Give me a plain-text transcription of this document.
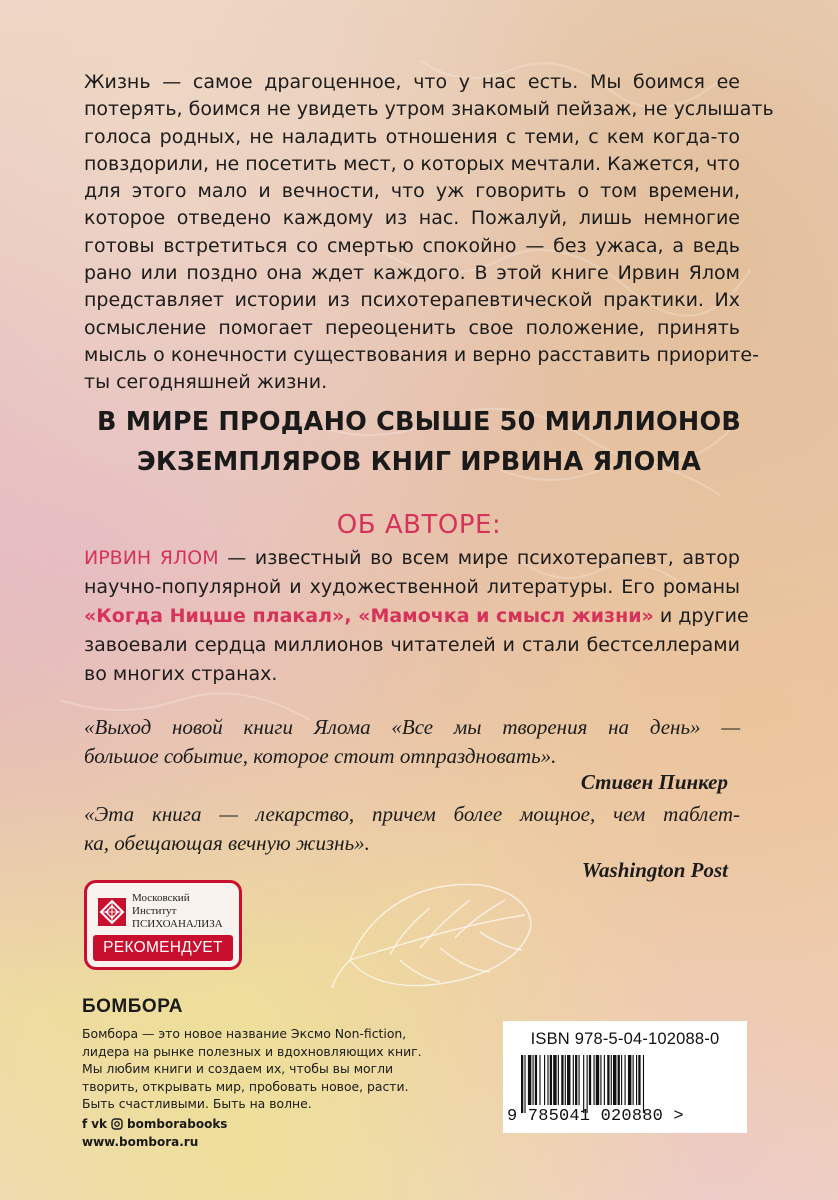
Жизнь — самое драгоценное, что у нас есть. Мы боимся ее
потерять, боимся не увидеть утром знакомый пейзаж, не услышать
голоса родных, не наладить отношения с теми, с кем когда-то
повздорили, не посетить мест, о которых мечтали. Кажется, что
для этого мало и вечности, что уж говорить о том времени,
которое отведено каждому из нас. Пожалуй, лишь немногие
готовы встретиться со смертью спокойно — без ужаса, а ведь
рано или поздно она ждет каждого. В этой книге Ирвин Ялом
представляет истории из психотерапевтической практики. Их
осмысление помогает переоценить свое положение, принять
мысль о конечности существования и верно расставить приорите-
ты сегодняшней жизни.
В МИРЕ ПРОДАНО СВЫШЕ 50 МИЛЛИОНОВ
ЭКЗЕМПЛЯРОВ КНИГ ИРВИНА ЯЛОМА
ОБ АВТОРЕ:
ИРВИН ЯЛОМ — известный во всем мире психотерапевт, автор
научно-популярной и художественной литературы. Его романы
«Когда Ницше плакал», «Мамочка и смысл жизни» и другие
завоевали сердца миллионов читателей и стали бестселлерами
во многих странах.
«Выход новой книги Ялома «Все мы творения на день» —
большое событие, которое стоит отпраздновать».
Стивен Пинкер
«Эта книга — лекарство, причем более мощное, чем таблет-
ка, обещающая вечную жизнь».
Washington Post
Московский
Институт
ПСИХОАНАЛИЗА
РЕКОМЕНДУЕТ
БОМБОРА
Бомбора — это новое название Эксмо Non-fiction,
лидера на рынке полезных и вдохновляющих книг.
Мы любим книги и создаем их, чтобы вы могли
творить, открывать мир, пробовать новое, расти.
Быть счастливыми. Быть на волне.
f vk bomborabooks
www.bombora.ru
ISBN 978-5-04-102088-0
9 785041 020880 >
